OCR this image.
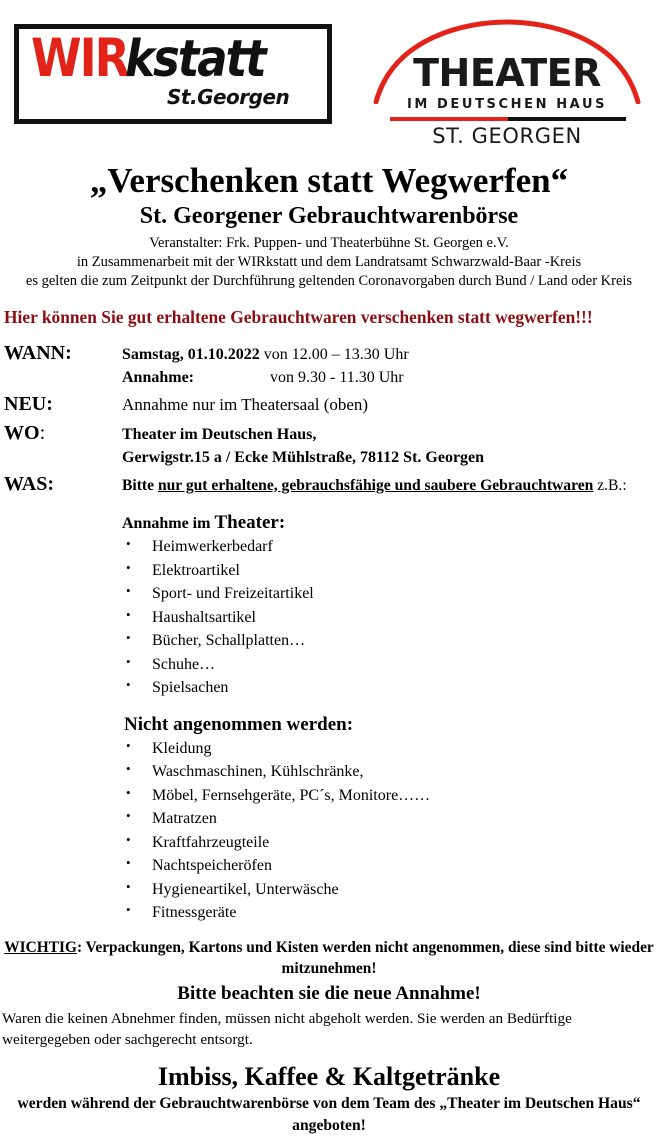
WIRkstatt
St.Georgen
THEATER
IM DEUTSCHEN HAUS
ST. GEORGEN
„Verschenken statt Wegwerfen“
St. Georgener Gebrauchtwarenbörse
Veranstalter: Frk. Puppen- und Theaterbühne St. Georgen e.V.
in Zusammenarbeit mit der WIRkstatt und dem Landratsamt Schwarzwald-Baar -Kreis
es gelten die zum Zeitpunkt der Durchführung geltenden Coronavorgaben durch Bund / Land oder Kreis
Hier können Sie gut erhaltene Gebrauchtwaren verschenken statt wegwerfen!!!
WANN:	Samstag, 01.10.2022 von 12.00 – 13.30 Uhr
Annahme:	von 9.30 - 11.30 Uhr
NEU:	Annahme nur im Theatersaal (oben)
WO:	Theater im Deutschen Haus,
Gerwigstr.15 a / Ecke Mühlstraße, 78112 St. Georgen
WAS:	Bitte nur gut erhaltene, gebrauchsfähige und saubere Gebrauchtwaren z.B.:
Annahme im Theater:
• Heimwerkerbedarf
• Elektroartikel
• Sport- und Freizeitartikel
• Haushaltsartikel
• Bücher, Schallplatten…
• Schuhe…
• Spielsachen
Nicht angenommen werden:
• Kleidung
• Waschmaschinen, Kühlschränke,
• Möbel, Fernsehgeräte, PC´s, Monitore……
• Matratzen
• Kraftfahrzeugteile
• Nachtspeicheröfen
• Hygieneartikel, Unterwäsche
• Fitnessgeräte
WICHTIG: Verpackungen, Kartons und Kisten werden nicht angenommen, diese sind bitte wieder mitzunehmen!
Bitte beachten sie die neue Annahme!
Waren die keinen Abnehmer finden, müssen nicht abgeholt werden. Sie werden an Bedürftige weitergegeben oder sachgerecht entsorgt.
Imbiss, Kaffee & Kaltgetränke
werden während der Gebrauchtwarenbörse von dem Team des „Theater im Deutschen Haus“
angeboten!
